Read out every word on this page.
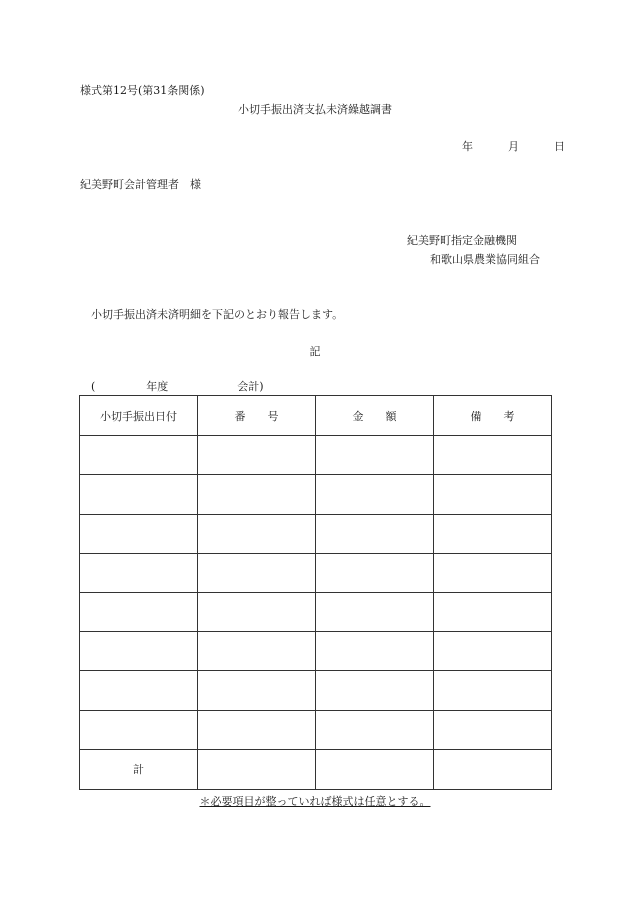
様式第12号(第31条関係)
小切手振出済支払未済繰越調書
年	月	日
紀美野町会計管理者　様
紀美野町指定金融機関
和歌山県農業協同組合
小切手振出済未済明細を下記のとおり報告します。
記
(	年度	会計)
小切手振出日付	番　　号	金　　額	備　　考

計			
＊必要項目が整っていれば様式は任意とする。
